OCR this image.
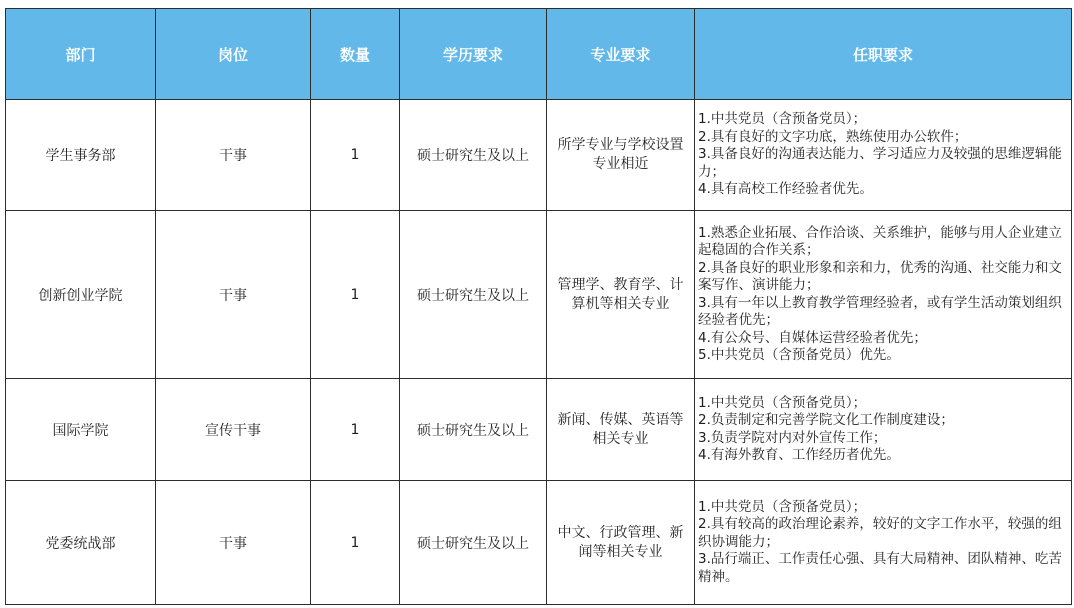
部门	岗位	数量	学历要求	专业要求	任职要求
学生事务部	干事	1	硕士研究生及以上	所学专业与学校设置专业相近	1.中共党员（含预备党员）；
2.具有良好的文字功底，熟练使用办公软件；
3.具备良好的沟通表达能力、学习适应力及较强的思维逻辑能力；
4.具有高校工作经验者优先。

创新创业学院	干事	1	硕士研究生及以上	管理学、教育学、计算机等相关专业	1.熟悉企业拓展、合作洽谈、关系维护，能够与用人企业建立起稳固的合作关系；
2.具备良好的职业形象和亲和力，优秀的沟通、社交能力和文案写作、演讲能力；
3.具有一年以上教育教学管理经验者，或有学生活动策划组织经验者优先；
4.有公众号、自媒体运营经验者优先；
5.中共党员（含预备党员）优先。

国际学院	宣传干事	1	硕士研究生及以上	新闻、传媒、英语等相关专业	1.中共党员（含预备党员）；
2.负责制定和完善学院文化工作制度建设；
3.负责学院对内对外宣传工作；
4.有海外教育、工作经历者优先。

党委统战部	干事	1	硕士研究生及以上	中文、行政管理、新闻等相关专业	1.中共党员（含预备党员）；
2.具有较高的政治理论素养，较好的文字工作水平，较强的组织协调能力；
3.品行端正、工作责任心强、具有大局精神、团队精神、吃苦精神。
